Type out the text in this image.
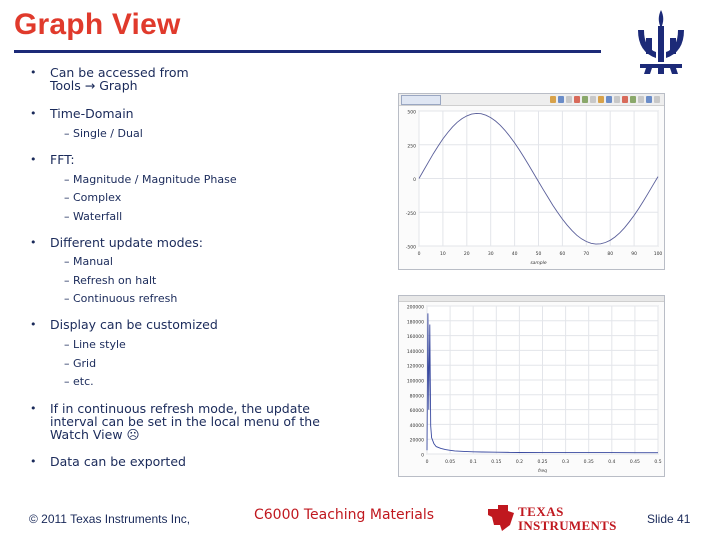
Graph View
• Can be accessed from
Tools → Graph
• Time-Domain
– Single / Dual
• FFT:
– Magnitude / Magnitude Phase
– Complex
– Waterfall
• Different update modes:
– Manual
– Refresh on halt
– Continuous refresh
• Display can be customized
– Line style
– Grid
– etc.
• If in continuous refresh mode, the update
interval can be set in the local menu of the
Watch View ☹
• Data can be exported
500
250
0
-250
-500
0	10	20	30	40	50	60	70	80	90	100
sample
200000
180000
160000
140000
120000
100000
80000
60000
40000
20000
0
0	0.05	0.1	0.15	0.2	0.25	0.3	0.35	0.4	0.45	0.5
freq
© 2011 Texas Instruments Inc,	C6000 Teaching Materials	TEXAS
INSTRUMENTS	Slide 41
